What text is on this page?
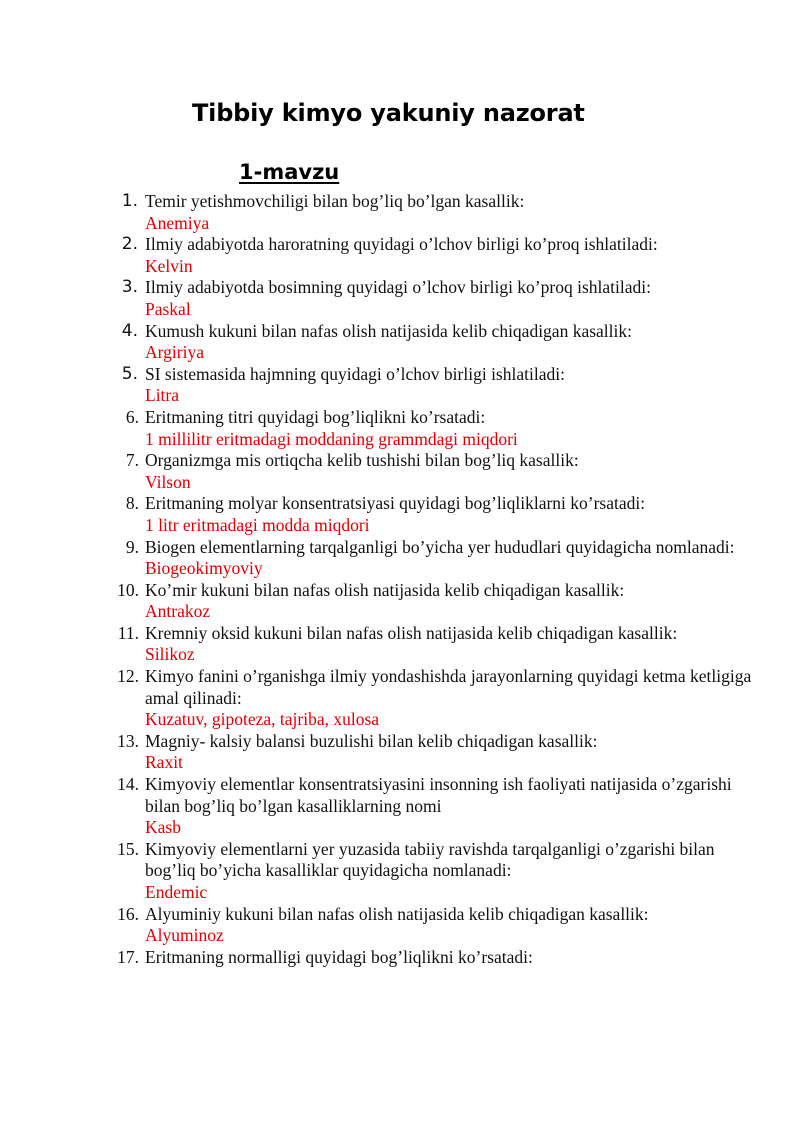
Tibbiy kimyo yakuniy nazorat
1-mavzu
1. Temir yetishmovchiligi bilan bog’liq bo’lgan kasallik:
Anemiya
2. Ilmiy adabiyotda haroratning quyidagi o’lchov birligi ko’proq ishlatiladi:
Kelvin
3. Ilmiy adabiyotda bosimning quyidagi o’lchov birligi ko’proq ishlatiladi:
Paskal
4. Kumush kukuni bilan nafas olish natijasida kelib chiqadigan kasallik:
Argiriya
5. SI sistemasida hajmning quyidagi o’lchov birligi ishlatiladi:
Litra
6. Eritmaning titri quyidagi bog’liqlikni ko’rsatadi:
1 millilitr eritmadagi moddaning grammdagi miqdori
7. Organizmga mis ortiqcha kelib tushishi bilan bog’liq kasallik:
Vilson
8. Eritmaning molyar konsentratsiyasi quyidagi bog’liqliklarni ko’rsatadi:
1 litr eritmadagi modda miqdori
9. Biogen elementlarning tarqalganligi bo’yicha yer hududlari quyidagicha nomlanadi:
Biogeokimyoviy
10. Ko’mir kukuni bilan nafas olish natijasida kelib chiqadigan kasallik:
Antrakoz
11. Kremniy oksid kukuni bilan nafas olish natijasida kelib chiqadigan kasallik:
Silikoz
12. Kimyo fanini o’rganishga ilmiy yondashishda jarayonlarning quyidagi ketma ketligiga amal qilinadi:
Kuzatuv, gipoteza, tajriba, xulosa
13. Magniy- kalsiy balansi buzulishi bilan kelib chiqadigan kasallik:
Raxit
14. Kimyoviy elementlar konsentratsiyasini insonning ish faoliyati natijasida o’zgarishi bilan bog’liq bo’lgan kasalliklarning nomi
Kasb
15. Kimyoviy elementlarni yer yuzasida tabiiy ravishda tarqalganligi o’zgarishi bilan bog’liq bo’yicha kasalliklar quyidagicha nomlanadi:
Endemic
16. Alyuminiy kukuni bilan nafas olish natijasida kelib chiqadigan kasallik:
Alyuminoz
17. Eritmaning normalligi quyidagi bog’liqlikni ko’rsatadi:
